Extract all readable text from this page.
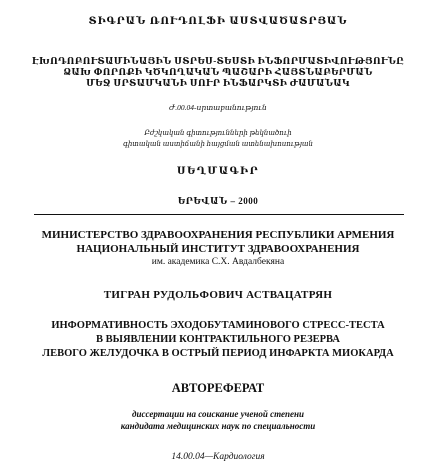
ՏԻԳՐԱՆ ՌՈՒԴՈԼՖԻ ԱՍՏՎԱԾԱՏՐՅԱՆ
ԷԽՈԴՈԲՈՒՏԱՄԻՆԱՅԻՆ ՍՏՐԵՍ-ՏԵՍՏԻ ԻՆՖՈՐՄԱՏԻՎՈՒԹՅՈՒՆԸ
ՁԱԽ ՓՈՐՈՔԻ ԿԾԿՈՂԱԿԱՆ ՊԱՇԱՐԻ ՀԱՅՏՆԱԲԵՐՄԱՆ
ՄԵՋ ՍՐՏԱՄԿԱՆԻ ՍՈՒՐ ԻՆՖԱՐԿՏԻ ԺԱՄԱՆԱԿ
Ժ.00.04-սրտաբանություն
Բժշկական գիտությունների թեկնածուի
գիտական աստիճանի հայցման ատենախոսության
ՍԵՂՄԱԳԻՐ
ԵՐԵՎԱՆ – 2000
МИНИСТЕРСТВО ЗДРАВООХРАНЕНИЯ РЕСПУБЛИКИ АРМЕНИЯ
НАЦИОНАЛЬНЫЙ ИНСТИТУТ ЗДРАВООХРАНЕНИЯ
им. академика С.Х. Авдалбекяна
ТИГРАН РУДОЛЬФОВИЧ АСТВАЦАТРЯН
ИНФОРМАТИВНОСТЬ ЭХОДОБУТАМИНОВОГО СТРЕСС-ТЕСТА
В ВЫЯВЛЕНИИ КОНТРАКТИЛЬНОГО РЕЗЕРВА
ЛЕВОГО ЖЕЛУДОЧКА В ОСТРЫЙ ПЕРИОД ИНФАРКТА МИОКАРДА
АВТОРЕФЕРАТ
диссертации на соискание ученой степени
кандидата медицинских наук по специальности
14.00.04—Кардиология
